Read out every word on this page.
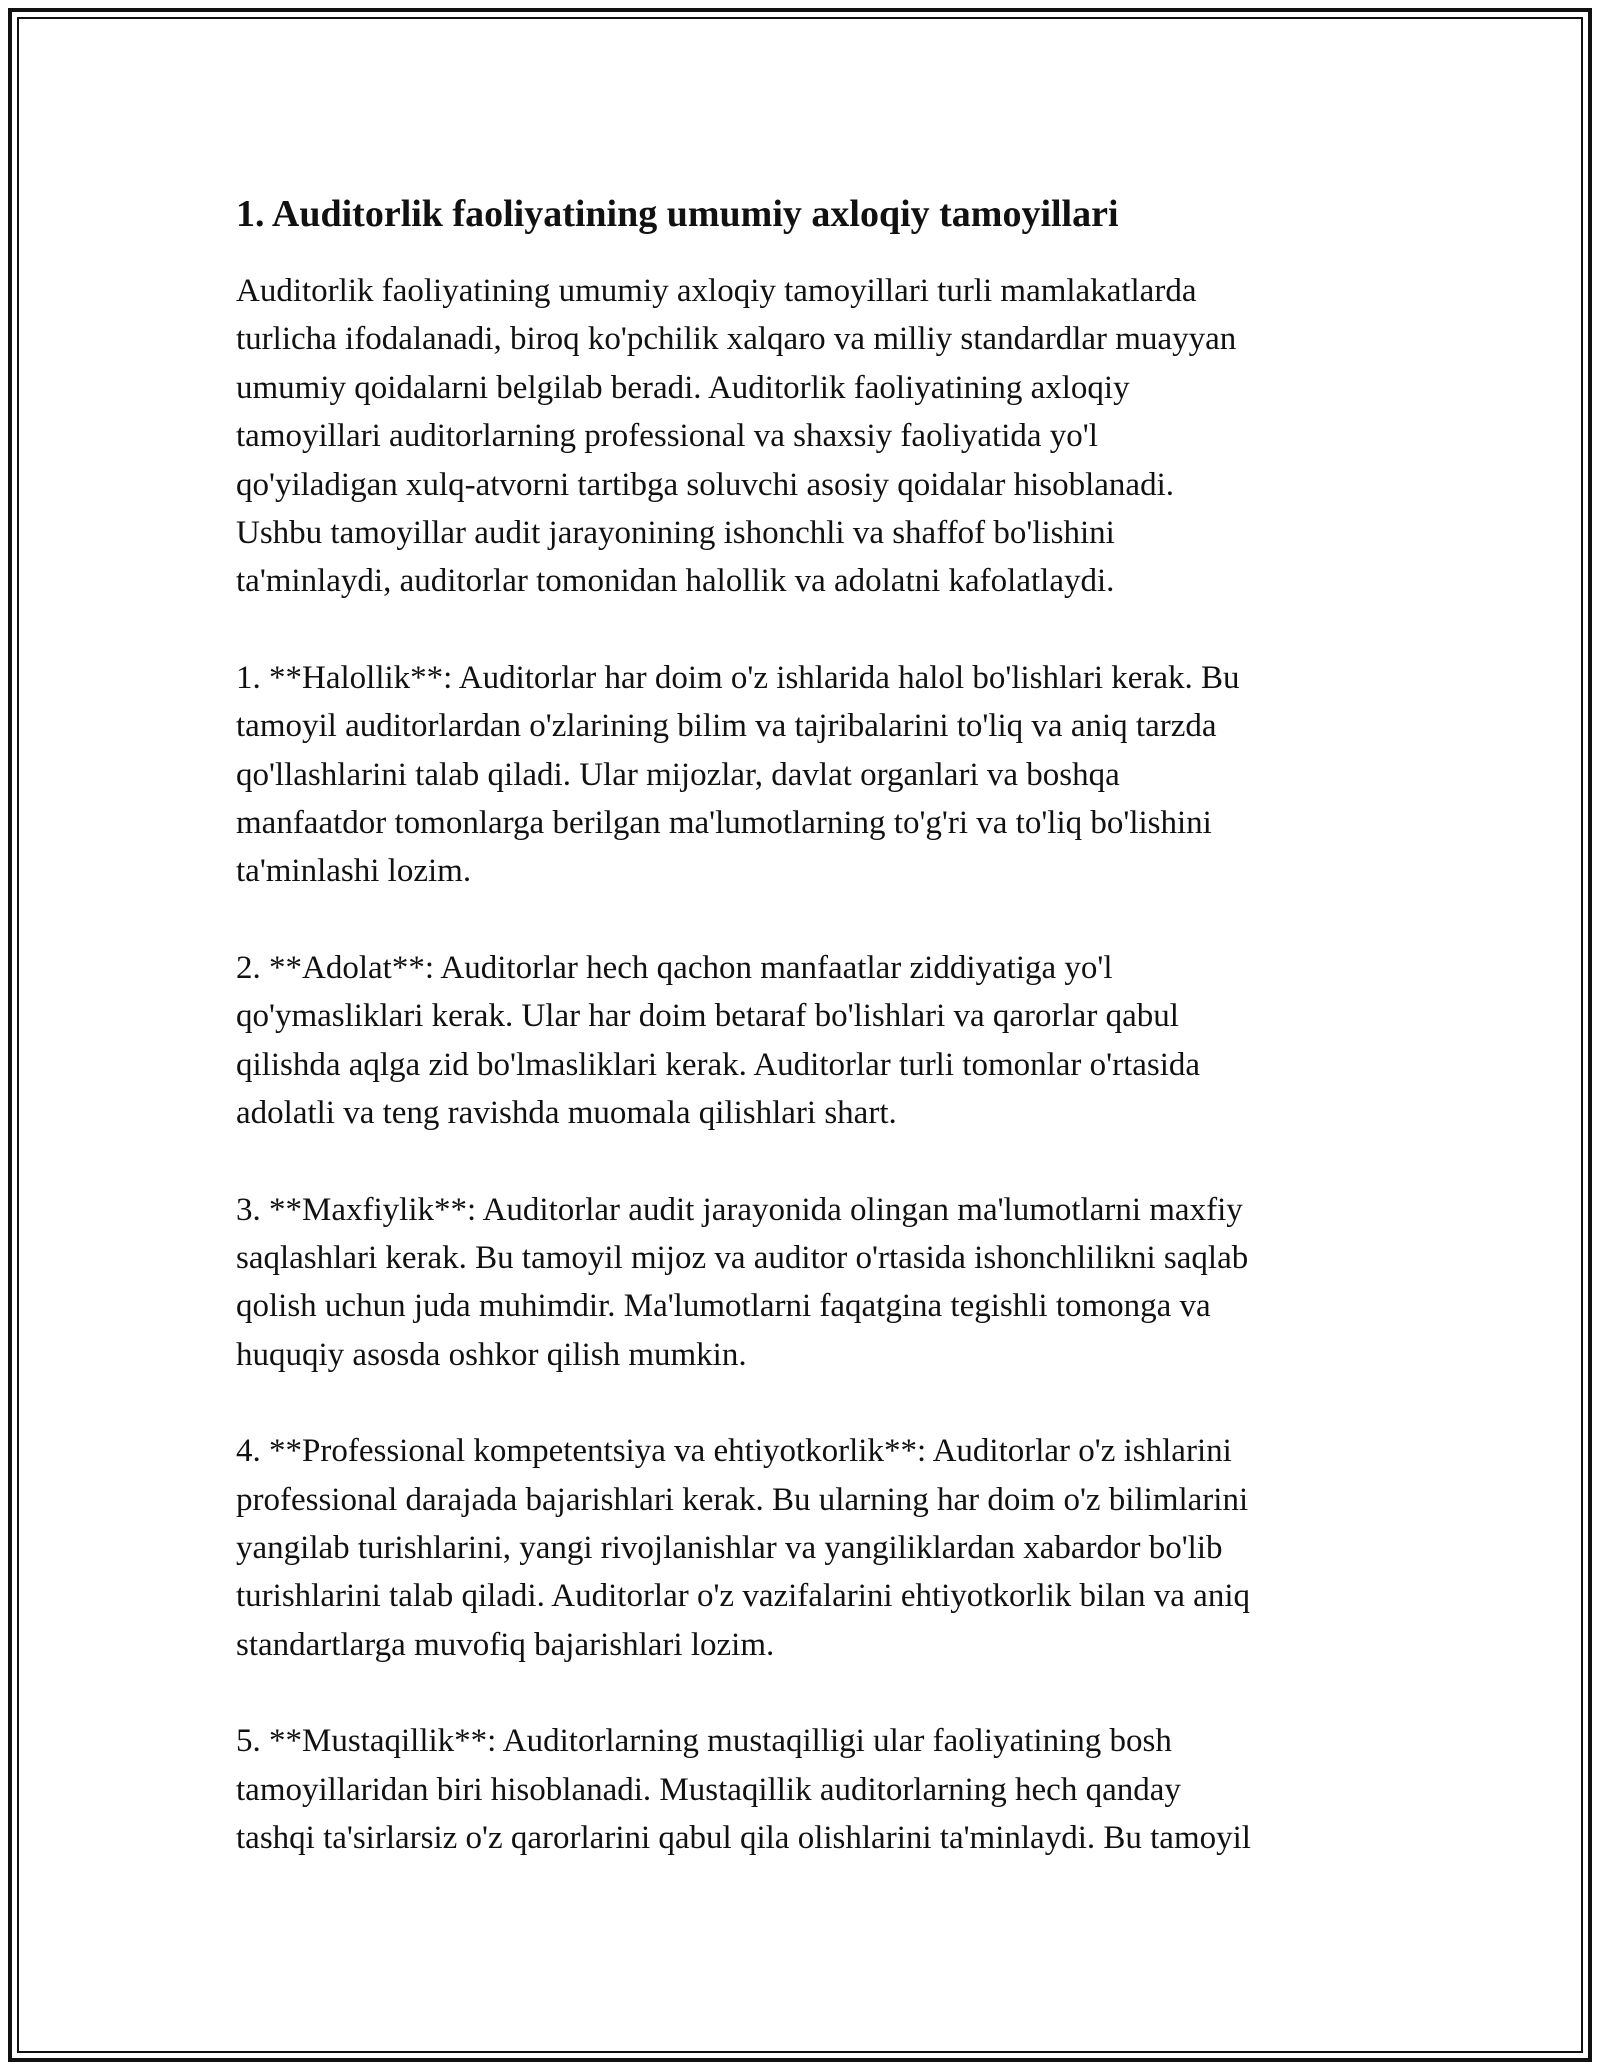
1. Auditorlik faoliyatining umumiy axloqiy tamoyillari

Auditorlik faoliyatining umumiy axloqiy tamoyillari turli mamlakatlarda
turlicha ifodalanadi, biroq ko'pchilik xalqaro va milliy standardlar muayyan
umumiy qoidalarni belgilab beradi. Auditorlik faoliyatining axloqiy
tamoyillari auditorlarning professional va shaxsiy faoliyatida yo'l
qo'yiladigan xulq-atvorni tartibga soluvchi asosiy qoidalar hisoblanadi.
Ushbu tamoyillar audit jarayonining ishonchli va shaffof bo'lishini
ta'minlaydi, auditorlar tomonidan halollik va adolatni kafolatlaydi.

1. **Halollik**: Auditorlar har doim o'z ishlarida halol bo'lishlari kerak. Bu
tamoyil auditorlardan o'zlarining bilim va tajribalarini to'liq va aniq tarzda
qo'llashlarini talab qiladi. Ular mijozlar, davlat organlari va boshqa
manfaatdor tomonlarga berilgan ma'lumotlarning to'g'ri va to'liq bo'lishini
ta'minlashi lozim.

2. **Adolat**: Auditorlar hech qachon manfaatlar ziddiyatiga yo'l
qo'ymasliklari kerak. Ular har doim betaraf bo'lishlari va qarorlar qabul
qilishda aqlga zid bo'lmasliklari kerak. Auditorlar turli tomonlar o'rtasida
adolatli va teng ravishda muomala qilishlari shart.

3. **Maxfiylik**: Auditorlar audit jarayonida olingan ma'lumotlarni maxfiy
saqlashlari kerak. Bu tamoyil mijoz va auditor o'rtasida ishonchlilikni saqlab
qolish uchun juda muhimdir. Ma'lumotlarni faqatgina tegishli tomonga va
huquqiy asosda oshkor qilish mumkin.

4. **Professional kompetentsiya va ehtiyotkorlik**: Auditorlar o'z ishlarini
professional darajada bajarishlari kerak. Bu ularning har doim o'z bilimlarini
yangilab turishlarini, yangi rivojlanishlar va yangiliklardan xabardor bo'lib
turishlarini talab qiladi. Auditorlar o'z vazifalarini ehtiyotkorlik bilan va aniq
standartlarga muvofiq bajarishlari lozim.

5. **Mustaqillik**: Auditorlarning mustaqilligi ular faoliyatining bosh
tamoyillaridan biri hisoblanadi. Mustaqillik auditorlarning hech qanday
tashqi ta'sirlarsiz o'z qarorlarini qabul qila olishlarini ta'minlaydi. Bu tamoyil
